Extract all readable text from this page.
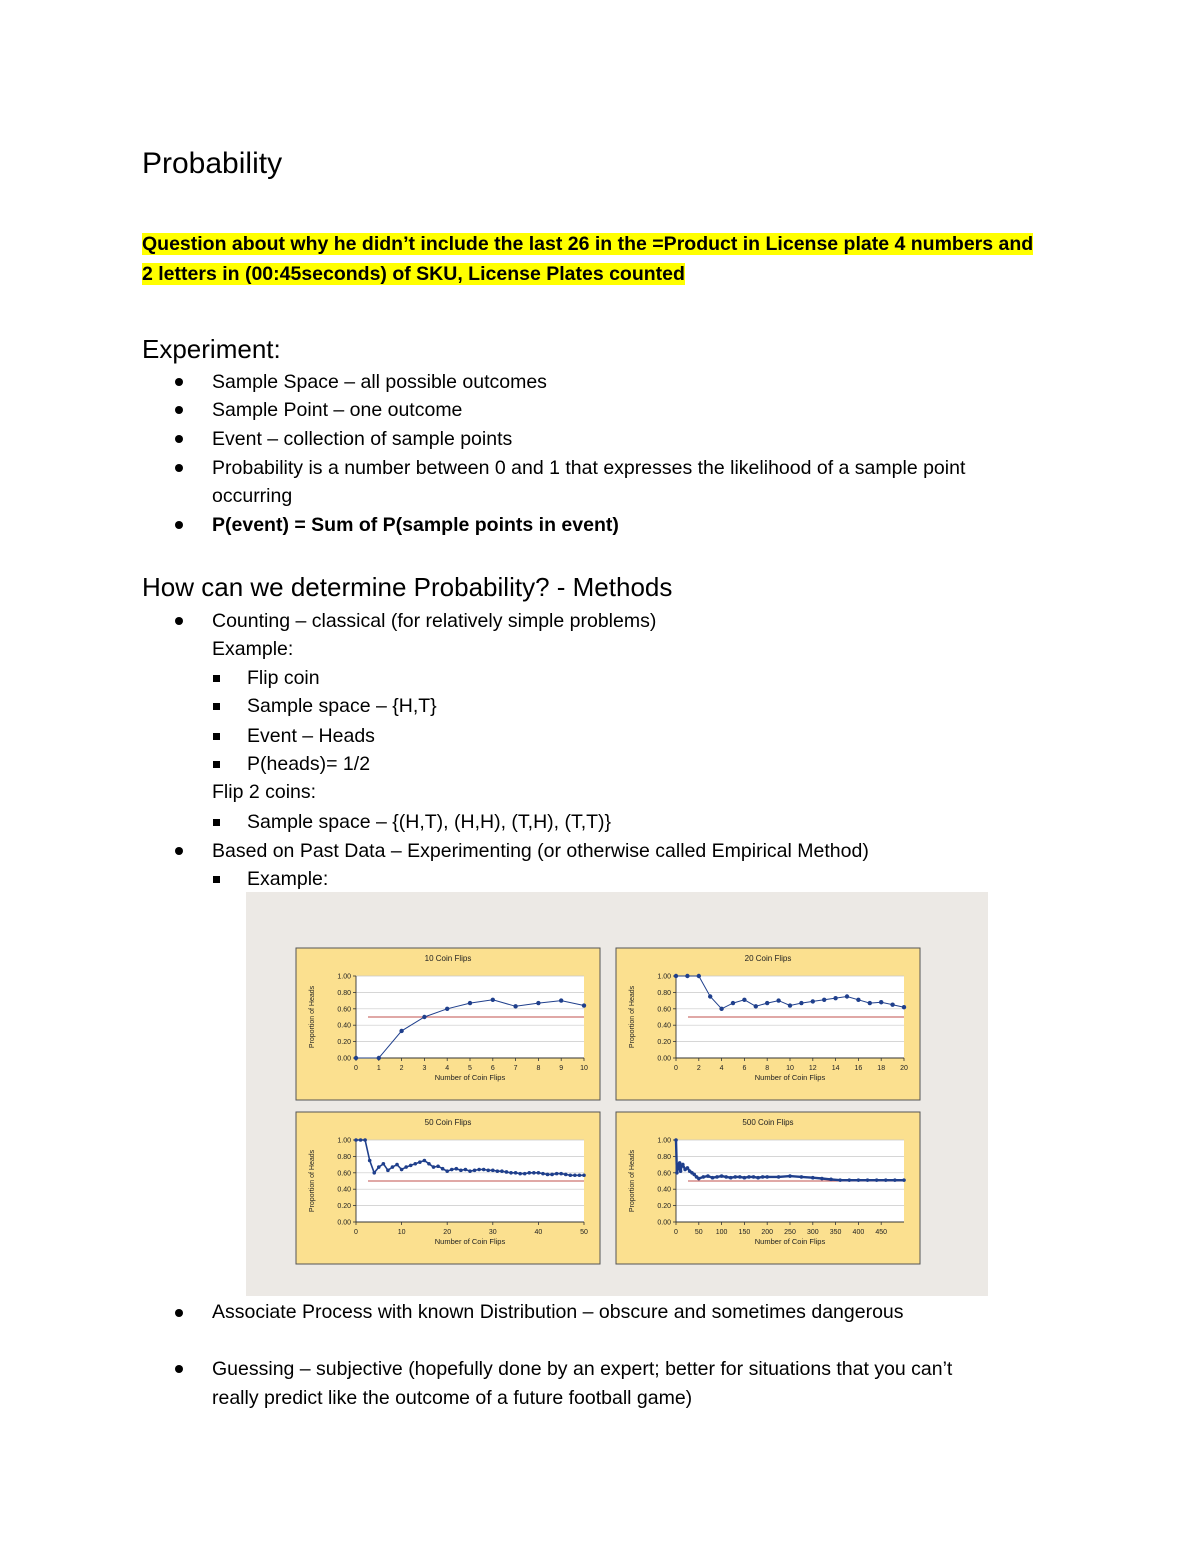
Probability
Question about why he didn’t include the last 26 in the =Product in License plate 4 numbers and
2 letters in (00:45seconds) of SKU, License Plates counted
Experiment:
Sample Space – all possible outcomes
Sample Point – one outcome
Event – collection of sample points
Probability is a number between 0 and 1 that expresses the likelihood of a sample point
occurring
P(event) = Sum of P(sample points in event)
How can we determine Probability? - Methods
Counting – classical (for relatively simple problems)
Example:
Flip coin
Sample space – {H,T}
Event – Heads
P(heads)= 1/2
Flip 2 coins:
Sample space – {(H,T), (H,H), (T,H), (T,T)}
Based on Past Data – Experimenting (or otherwise called Empirical Method)
Example:
10 Coin Flips
0.00
0.20
0.40
0.60
0.80
1.00
0	1	2	3	4	5	6	7	8	9 10
Number of Coin Flips
Proportion of Heads
20 Coin Flips
0.00
0.20
0.40
0.60
0.80
1.00
0	2	4	6	8 10 12 14 16 18 20
Number of Coin Flips
Proportion of Heads
50 Coin Flips
0.00
0.20
0.40
0.60
0.80
1.00
0	10	20	30	40	50
Number of Coin Flips
Proportion of Heads
500 Coin Flips
0.00
0.20
0.40
0.60
0.80
1.00
0 50 100 150 200 250 300 350 400 450
Number of Coin Flips
Proportion of Heads
Associate Process with known Distribution – obscure and sometimes dangerous
Guessing – subjective (hopefully done by an expert; better for situations that you can’t
really predict like the outcome of a future football game)
